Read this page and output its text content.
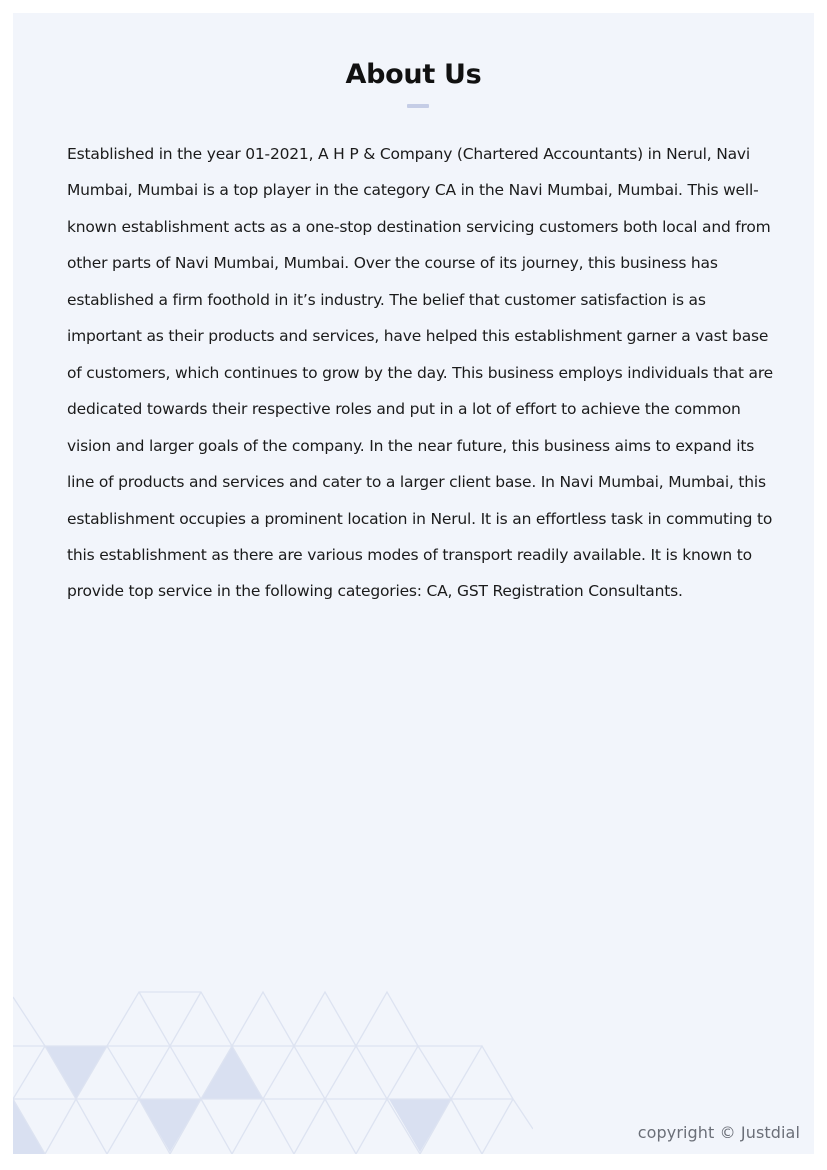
About Us

Established in the year 01-2021, A H P & Company (Chartered Accountants) in Nerul, Navi Mumbai, Mumbai is a top player in the category CA in the Navi Mumbai, Mumbai. This well-known establishment acts as a one-stop destination servicing customers both local and from other parts of Navi Mumbai, Mumbai. Over the course of its journey, this business has established a firm foothold in it’s industry. The belief that customer satisfaction is as important as their products and services, have helped this establishment garner a vast base of customers, which continues to grow by the day. This business employs individuals that are dedicated towards their respective roles and put in a lot of effort to achieve the common vision and larger goals of the company. In the near future, this business aims to expand its line of products and services and cater to a larger client base. In Navi Mumbai, Mumbai, this establishment occupies a prominent location in Nerul. It is an effortless task in commuting to this establishment as there are various modes of transport readily available. It is known to provide top service in the following categories: CA, GST Registration Consultants.

copyright © Justdial
